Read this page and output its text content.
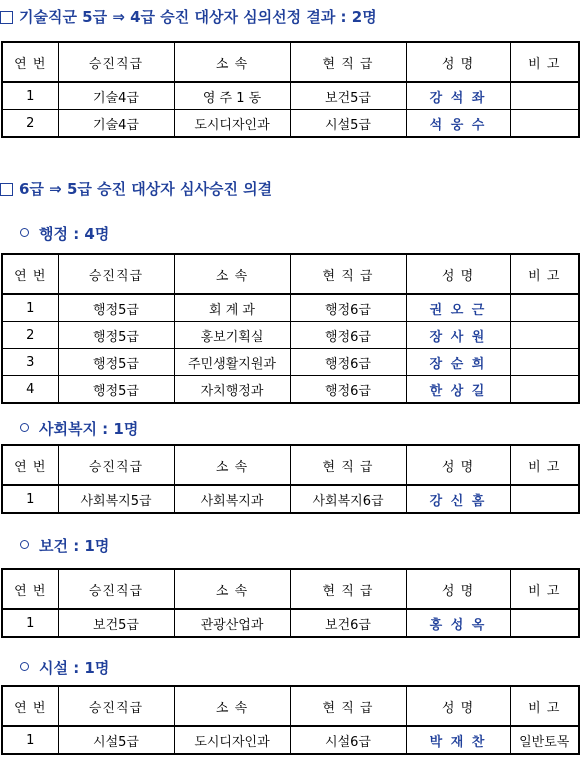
기술직군 5급 ⇒ 4급 승진 대상자 심의선정 결과 : 2명
연 번	승진직급	소 속	현 직 급	성 명	비 고
1	기술4급	영 주 1 동	보건5급	강 석 좌	
2	기술4급	도시디자인과	시설5급	석 웅 수	
6급 ⇒ 5급 승진 대상자 심사승진 의결
행정 : 4명
연 번	승진직급	소 속	현 직 급	성 명	비 고
1	행정5급	회 계 과	행정6급	권 오 근	
2	행정5급	홍보기획실	행정6급	장 사 원	
3	행정5급	주민생활지원과	행정6급	장 순 희	
4	행정5급	자치행정과	행정6급	한 상 길	
사회복지 : 1명
연 번	승진직급	소 속	현 직 급	성 명	비 고
1	사회복지5급	사회복지과	사회복지6급	강 신 홈	
보건 : 1명
연 번	승진직급	소 속	현 직 급	성 명	비 고
1	보건5급	관광산업과	보건6급	홍 성 옥	
시설 : 1명
연 번	승진직급	소 속	현 직 급	성 명	비 고
1	시설5급	도시디자인과	시설6급	박 재 찬	일반토목
